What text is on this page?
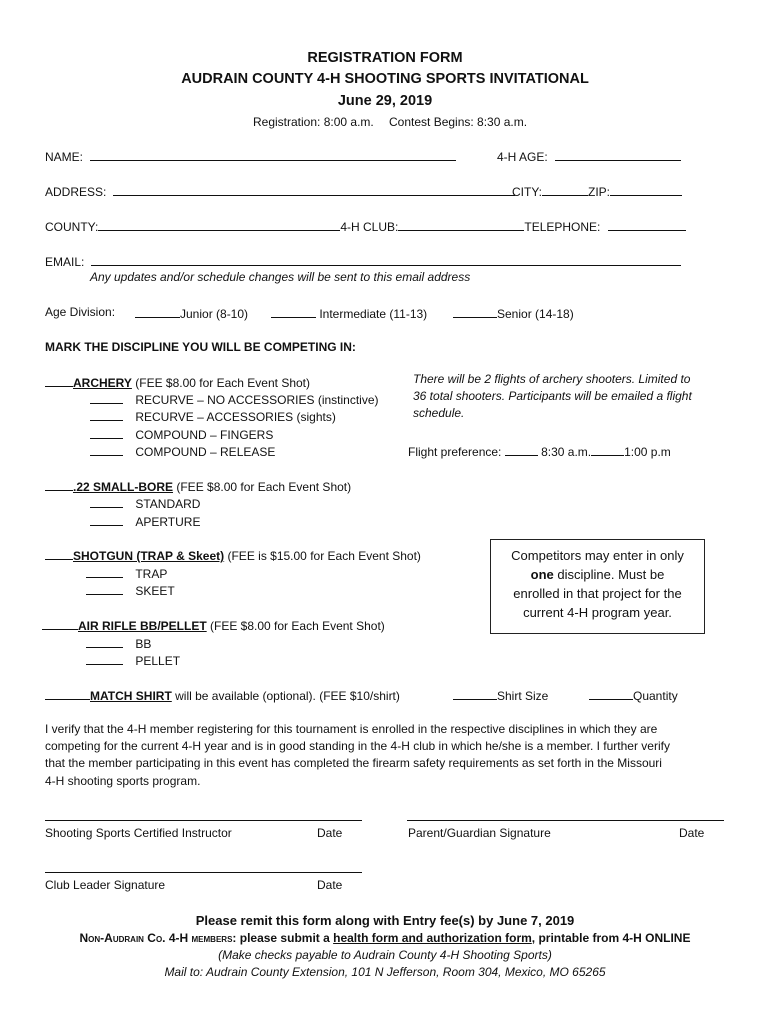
REGISTRATION FORM
AUDRAIN COUNTY 4-H SHOOTING SPORTS INVITATIONAL
June 29, 2019
Registration: 8:00 a.m. Contest Begins: 8:30 a.m.
NAME:	4-H AGE:
ADDRESS:	CITY:	ZIP:
COUNTY:	4-H CLUB:	TELEPHONE:
EMAIL:
Any updates and/or schedule changes will be sent to this email address
Age Division:	Junior (8-10)	Intermediate (11-13)	Senior (14-18)
MARK THE DISCIPLINE YOU WILL BE COMPETING IN:
ARCHERY (FEE $8.00 for Each Event Shot)
RECURVE – NO ACCESSORIES (instinctive)
RECURVE – ACCESSORIES (sights)
COMPOUND – FINGERS
COMPOUND – RELEASE
There will be 2 flights of archery shooters. Limited to
36 total shooters. Participants will be emailed a flight
schedule.
Flight preference:	8:30 a.m.	1:00 p.m
.22 SMALL-BORE (FEE $8.00 for Each Event Shot)
STANDARD
APERTURE
SHOTGUN (TRAP & Skeet) (FEE is $15.00 for Each Event Shot)
TRAP
SKEET
Competitors may enter in only
one discipline. Must be
enrolled in that project for the
current 4-H program year.
AIR RIFLE BB/PELLET (FEE $8.00 for Each Event Shot)
BB
PELLET
MATCH SHIRT will be available (optional). (FEE $10/shirt)	Shirt Size	Quantity
I verify that the 4-H member registering for this tournament is enrolled in the respective disciplines in which they are
competing for the current 4-H year and is in good standing in the 4-H club in which he/she is a member. I further verify
that the member participating in this event has completed the firearm safety requirements as set forth in the Missouri
4-H shooting sports program.
Shooting Sports Certified Instructor	Date	Parent/Guardian Signature	Date
Club Leader Signature	Date
Please remit this form along with Entry fee(s) by June 7, 2019
Non-Audrain Co. 4-H members: please submit a health form and authorization form, printable from 4-H ONLINE
(Make checks payable to Audrain County 4-H Shooting Sports)
Mail to: Audrain County Extension, 101 N Jefferson, Room 304, Mexico, MO 65265
